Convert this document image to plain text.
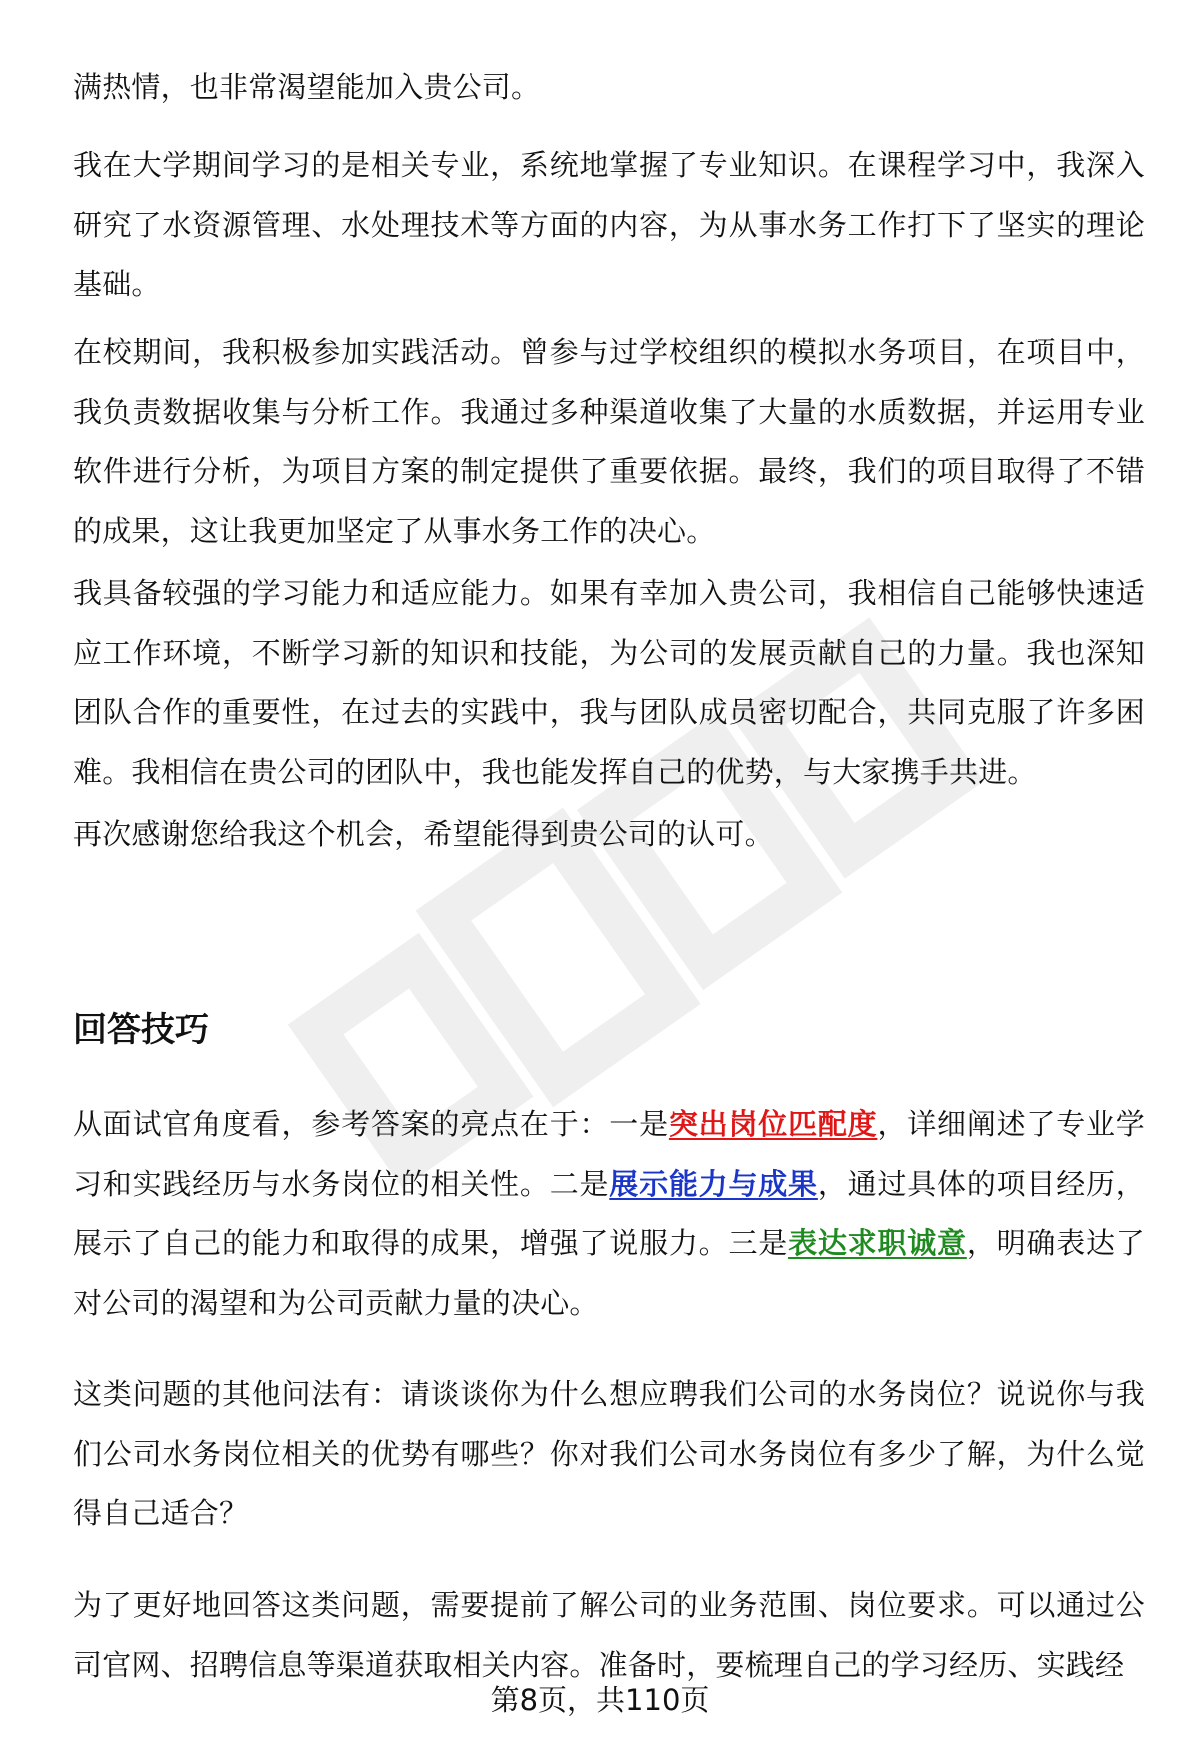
满热情，也非常渴望能加入贵公司。

我在大学期间学习的是相关专业，系统地掌握了专业知识。在课程学习中，我深入研究了水资源管理、水处理技术等方面的内容，为从事水务工作打下了坚实的理论基础。

在校期间，我积极参加实践活动。曾参与过学校组织的模拟水务项目，在项目中，我负责数据收集与分析工作。我通过多种渠道收集了大量的水质数据，并运用专业软件进行分析，为项目方案的制定提供了重要依据。最终，我们的项目取得了不错的成果，这让我更加坚定了从事水务工作的决心。

我具备较强的学习能力和适应能力。如果有幸加入贵公司，我相信自己能够快速适应工作环境，不断学习新的知识和技能，为公司的发展贡献自己的力量。我也深知团队合作的重要性，在过去的实践中，我与团队成员密切配合，共同克服了许多困难。我相信在贵公司的团队中，我也能发挥自己的优势，与大家携手共进。

再次感谢您给我这个机会，希望能得到贵公司的认可。

回答技巧

从面试官角度看，参考答案的亮点在于：一是突出岗位匹配度，详细阐述了专业学习和实践经历与水务岗位的相关性。二是展示能力与成果，通过具体的项目经历，展示了自己的能力和取得的成果，增强了说服力。三是表达求职诚意，明确表达了对公司的渴望和为公司贡献力量的决心。

这类问题的其他问法有：请谈谈你为什么想应聘我们公司的水务岗位？说说你与我们公司水务岗位相关的优势有哪些？你对我们公司水务岗位有多少了解，为什么觉得自己适合？

为了更好地回答这类问题，需要提前了解公司的业务范围、岗位要求。可以通过公司官网、招聘信息等渠道获取相关内容。准备时，要梳理自己的学习经历、实践经

第8页，共110页
